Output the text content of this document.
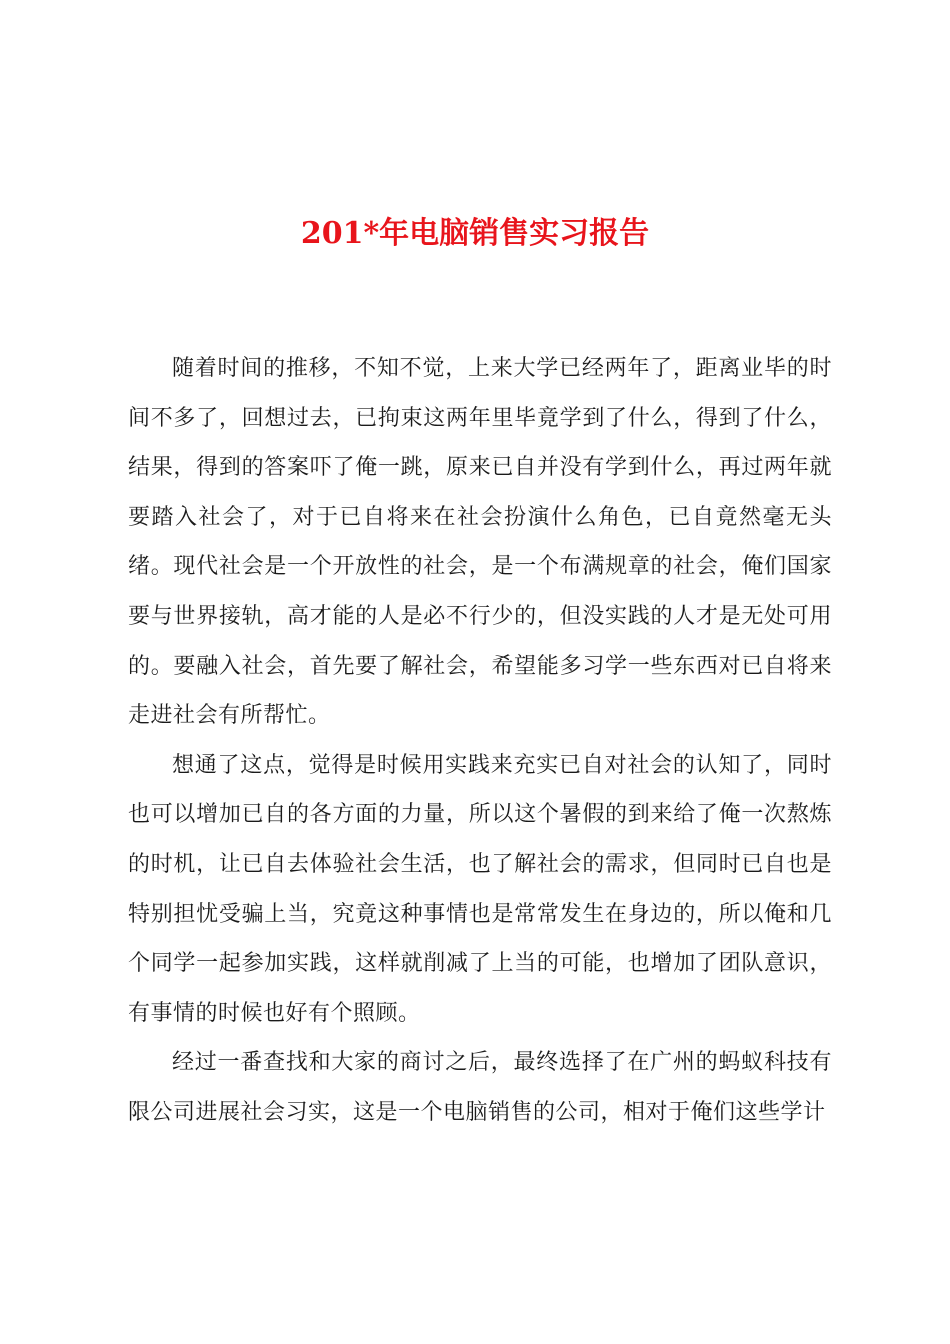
201*年电脑销售实习报告

随着时间的推移，不知不觉，上来大学已经两年了，距离业毕的时间不多了，回想过去，已拘束这两年里毕竟学到了什么，得到了什么，结果，得到的答案吓了俺一跳，原来已自并没有学到什么，再过两年就要踏入社会了，对于已自将来在社会扮演什么角色，已自竟然毫无头绪。现代社会是一个开放性的社会，是一个布满规章的社会，俺们国家要与世界接轨，高才能的人是必不行少的，但没实践的人才是无处可用的。要融入社会，首先要了解社会，希望能多习学一些东西对已自将来走进社会有所帮忙。

想通了这点，觉得是时候用实践来充实已自对社会的认知了，同时也可以增加已自的各方面的力量，所以这个暑假的到来给了俺一次熬炼的时机，让已自去体验社会生活，也了解社会的需求，但同时已自也是特别担忧受骗上当，究竟这种事情也是常常发生在身边的，所以俺和几个同学一起参加实践，这样就削减了上当的可能，也增加了团队意识，有事情的时候也好有个照顾。

经过一番查找和大家的商讨之后，最终选择了在广州的蚂蚁科技有限公司进展社会习实，这是一个电脑销售的公司，相对于俺们这些学计
